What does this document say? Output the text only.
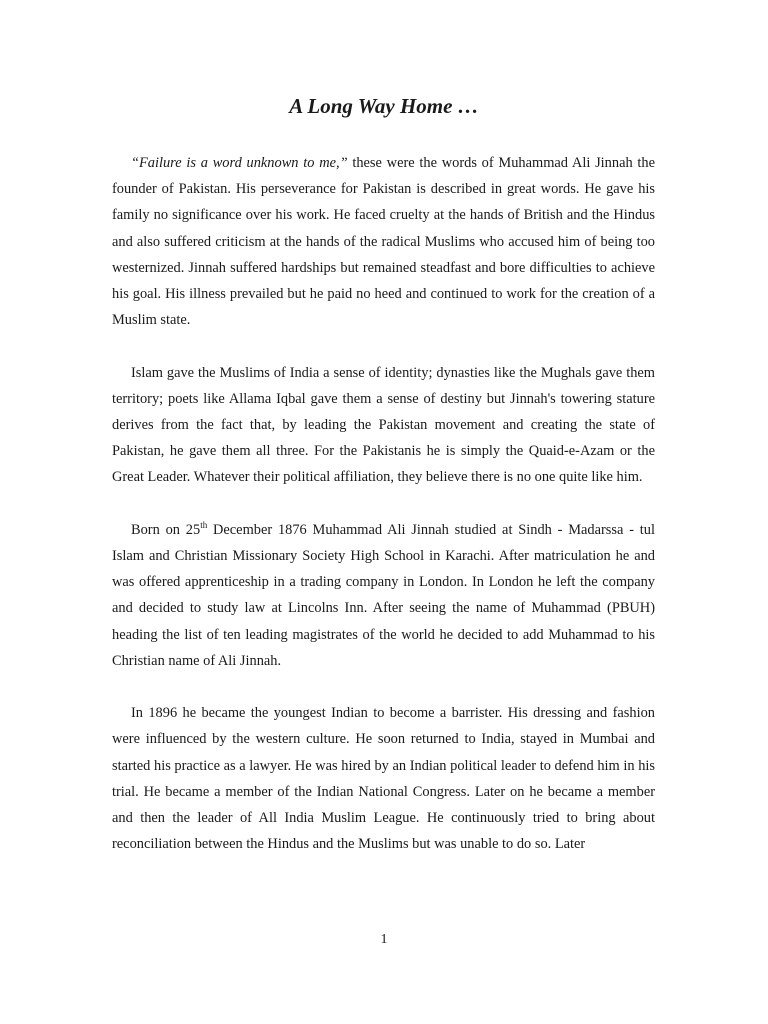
A Long Way Home …

“Failure is a word unknown to me,” these were the words of Muhammad Ali Jinnah the founder of Pakistan. His perseverance for Pakistan is described in great words. He gave his family no significance over his work. He faced cruelty at the hands of British and the Hindus and also suffered criticism at the hands of the radical Muslims who accused him of being too westernized. Jinnah suffered hardships but remained steadfast and bore difficulties to achieve his goal. His illness prevailed but he paid no heed and continued to work for the creation of a Muslim state.

Islam gave the Muslims of India a sense of identity; dynasties like the Mughals gave them territory; poets like Allama Iqbal gave them a sense of destiny but Jinnah's towering stature derives from the fact that, by leading the Pakistan movement and creating the state of Pakistan, he gave them all three. For the Pakistanis he is simply the Quaid-e-Azam or the Great Leader. Whatever their political affiliation, they believe there is no one quite like him.

Born on 25th December 1876 Muhammad Ali Jinnah studied at Sindh - Madarssa - tul Islam and Christian Missionary Society High School in Karachi. After matriculation he and was offered apprenticeship in a trading company in London. In London he left the company and decided to study law at Lincolns Inn. After seeing the name of Muhammad (PBUH) heading the list of ten leading magistrates of the world he decided to add Muhammad to his Christian name of Ali Jinnah.

In 1896 he became the youngest Indian to become a barrister. His dressing and fashion were influenced by the western culture. He soon returned to India, stayed in Mumbai and started his practice as a lawyer. He was hired by an Indian political leader to defend him in his trial. He became a member of the Indian National Congress. Later on he became a member and then the leader of All India Muslim League. He continuously tried to bring about reconciliation between the Hindus and the Muslims but was unable to do so. Later

1
